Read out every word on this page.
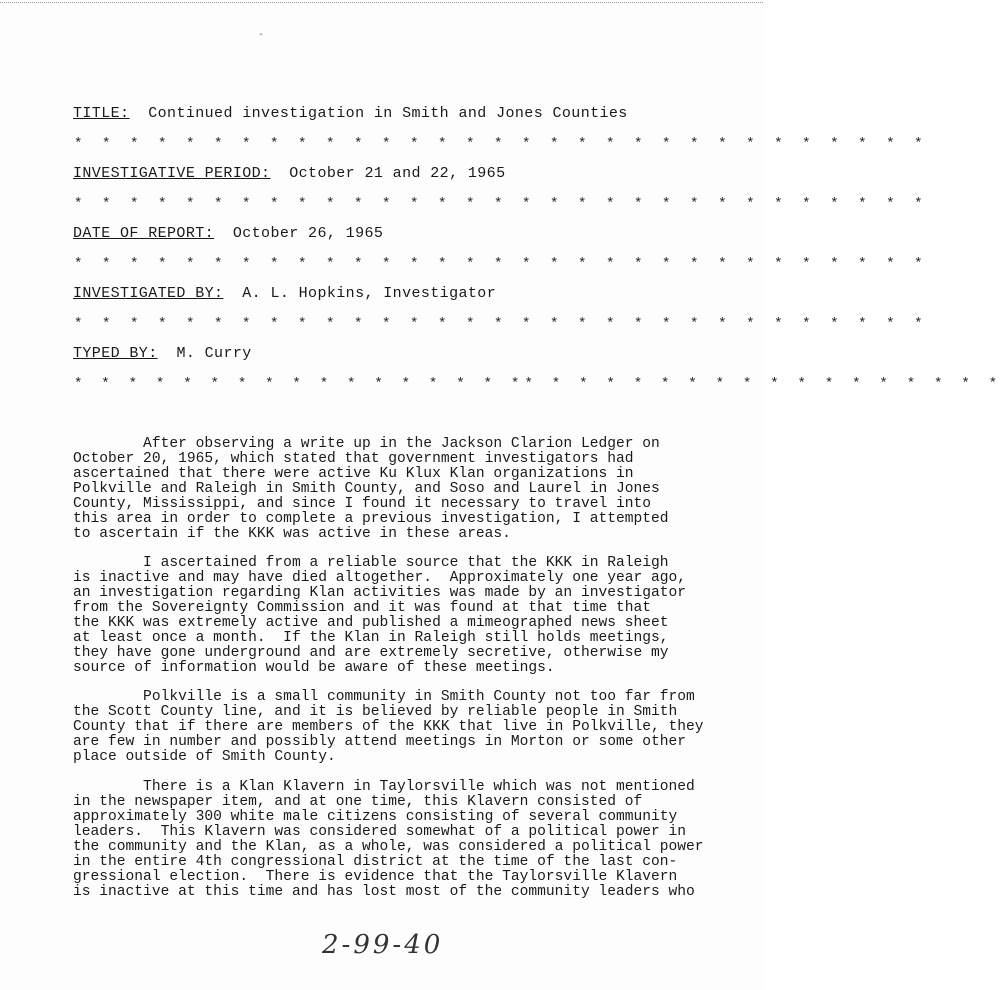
-
TITLE: Continued investigation in Smith and Jones Counties
* * * * * * * * * * * * * * * * * * * * * * * * * * * * * * *
INVESTIGATIVE PERIOD: October 21 and 22, 1965
* * * * * * * * * * * * * * * * * * * * * * * * * * * * * * *
DATE OF REPORT: October 26, 1965
* * * * * * * * * * * * * * * * * * * * * * * * * * * * * * *
INVESTIGATED BY: A. L. Hopkins, Investigator
* * * * * * * * * * * * * * * * * * * * * * * * * * * * * * *
TYPED BY: M. Curry
* * * * * * * * * * * * * * * * ** * * * * * * * * * * * * * * * * *
After observing a write up in the Jackson Clarion Ledger on
October 20, 1965, which stated that government investigators had
ascertained that there were active Ku Klux Klan organizations in
Polkville and Raleigh in Smith County, and Soso and Laurel in Jones
County, Mississippi, and since I found it necessary to travel into
this area in order to complete a previous investigation, I attempted
to ascertain if the KKK was active in these areas.
I ascertained from a reliable source that the KKK in Raleigh
is inactive and may have died altogether.  Approximately one year ago,
an investigation regarding Klan activities was made by an investigator
from the Sovereignty Commission and it was found at that time that
the KKK was extremely active and published a mimeographed news sheet
at least once a month.  If the Klan in Raleigh still holds meetings,
they have gone underground and are extremely secretive, otherwise my
source of information would be aware of these meetings.
Polkville is a small community in Smith County not too far from
the Scott County line, and it is believed by reliable people in Smith
County that if there are members of the KKK that live in Polkville, they
are few in number and possibly attend meetings in Morton or some other
place outside of Smith County.
There is a Klan Klavern in Taylorsville which was not mentioned
in the newspaper item, and at one time, this Klavern consisted of
approximately 300 white male citizens consisting of several community
leaders.  This Klavern was considered somewhat of a political power in
the community and the Klan, as a whole, was considered a political power
in the entire 4th congressional district at the time of the last con-
gressional election.  There is evidence that the Taylorsville Klavern
is inactive at this time and has lost most of the community leaders who
2-99-40
